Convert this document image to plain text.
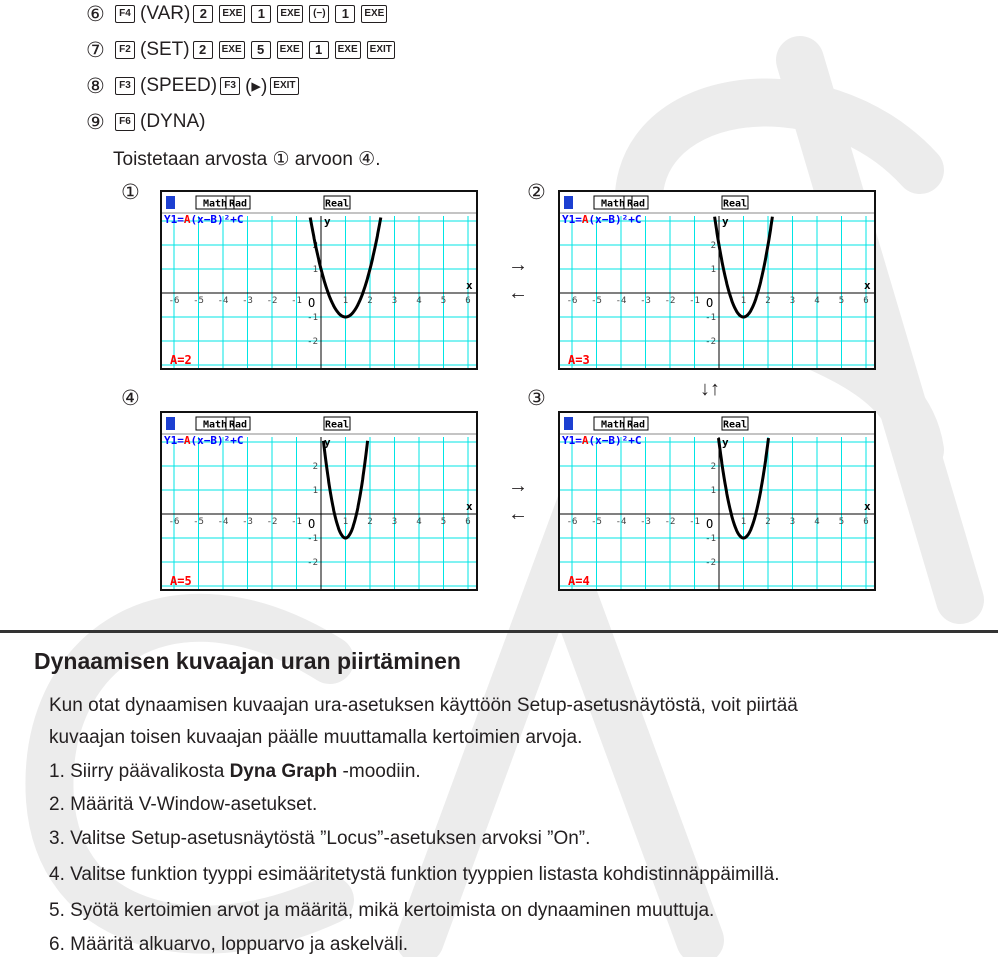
⑥	F4 (VAR) 2	EXE	1	EXE	(−)	1	EXE
⑦	F2 (SET) 2	EXE	5	EXE	1	EXE	EXIT
⑧	F3 (SPEED) F3 (▸) EXIT
⑨	F6 (DYNA)
Toistetaan arvosta ① arvoon ④.
①	②
④	③
Math Rad	Real
-6 -5 -4 -3 -2 -1	1 2 3 4 5 6
2
1
-1
-2
O
x
y
Y1=A(x−B)²+C
A=2
Math Rad	Real
-6 -5 -4 -3 -2 -1	1 2 3 4 5 6
2
1
-1
-2
O
x
y
Y1=A(x−B)²+C
A=3
Math Rad	Real
-6 -5 -4 -3 -2 -1	1 2 3 4 5 6
2
1
-1
-2
O
x
y
Y1=A(x−B)²+C
A=5
Math Rad	Real
-6 -5 -4 -3 -2 -1	1 2 3 4 5 6
2
1
-1
-2
O
x
y
Y1=A(x−B)²+C
A=4
→
←
→
←
↓↑
Dynaamisen kuvaajan uran piirtäminen
Kun otat dynaamisen kuvaajan ura-asetuksen käyttöön Setup-asetusnäytöstä, voit piirtää
kuvaajan toisen kuvaajan päälle muuttamalla kertoimien arvoja.
1. Siirry päävalikosta Dyna Graph -moodiin.
2. Määritä V-Window-asetukset.
3. Valitse Setup-asetusnäytöstä ”Locus”-asetuksen arvoksi ”On”.
4. Valitse funktion tyyppi esimääritetystä funktion tyyppien listasta kohdistinnäppäimillä.
5. Syötä kertoimien arvot ja määritä, mikä kertoimista on dynaaminen muuttuja.
6. Määritä alkuarvo, loppuarvo ja askelväli.
